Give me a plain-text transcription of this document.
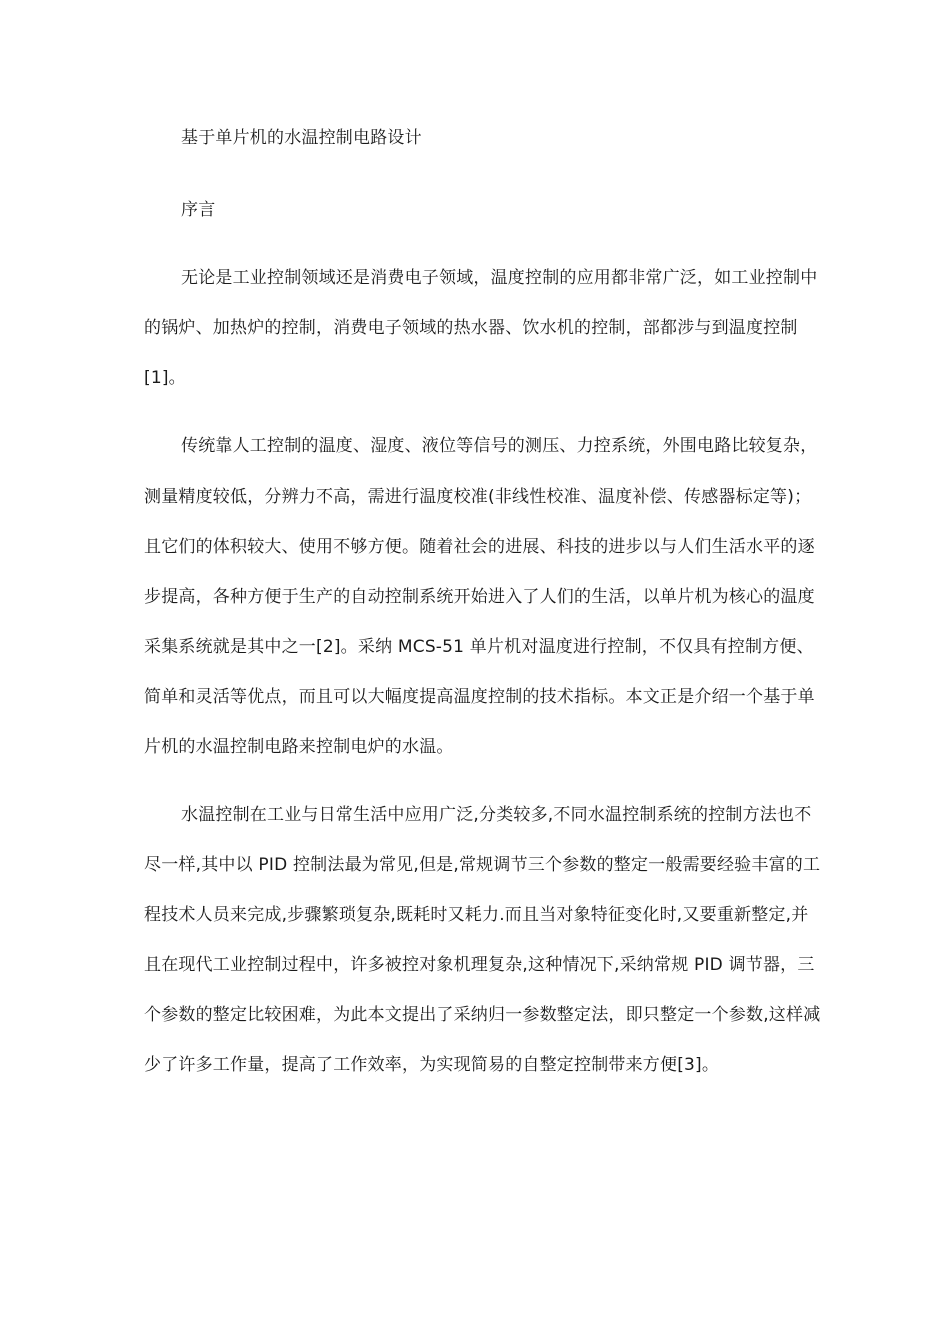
基于单片机的水温控制电路设计
序言
无论是工业控制领域还是消费电子领域，温度控制的应用都非常广泛，如工业控制中
的锅炉、加热炉的控制，消费电子领域的热水器、饮水机的控制，部都涉与到温度控制
[1]。
传统靠人工控制的温度、湿度、液位等信号的测压、力控系统，外围电路比较复杂，
测量精度较低，分辨力不高，需进行温度校准(非线性校准、温度补偿、传感器标定等)；
且它们的体积较大、使用不够方便。随着社会的进展、科技的进步以与人们生活水平的逐
步提高，各种方便于生产的自动控制系统开始进入了人们的生活，以单片机为核心的温度
采集系统就是其中之一[2]。采纳 MCS-51 单片机对温度进行控制，不仅具有控制方便、
简单和灵活等优点，而且可以大幅度提高温度控制的技术指标。本文正是介绍一个基于单
片机的水温控制电路来控制电炉的水温。
水温控制在工业与日常生活中应用广泛,分类较多,不同水温控制系统的控制方法也不
尽一样,其中以 PID 控制法最为常见,但是,常规调节三个参数的整定一般需要经验丰富的工
程技术人员来完成,步骤繁琐复杂,既耗时又耗力.而且当对象特征变化时,又要重新整定,并
且在现代工业控制过程中，许多被控对象机理复杂,这种情况下,采纳常规 PID 调节器，三
个参数的整定比较困难，为此本文提出了采纳归一参数整定法，即只整定一个参数,这样减
少了许多工作量，提高了工作效率，为实现简易的自整定控制带来方便[3]。
